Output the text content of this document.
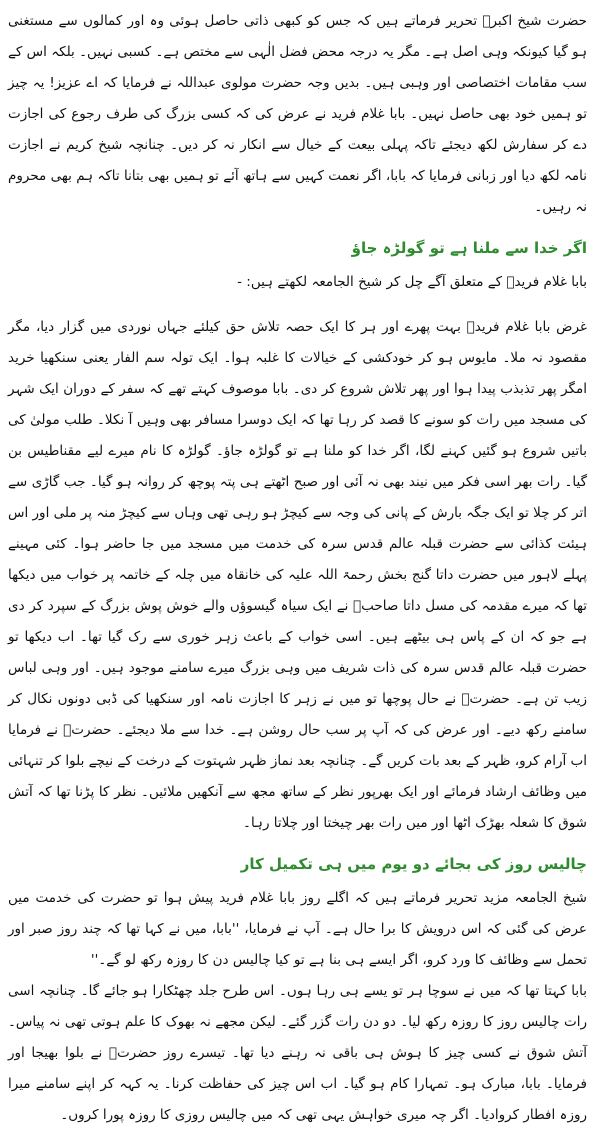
حضرت شیخ اکبرؒ تحریر فرماتے ہیں کہ جس کو کبھی ذاتی حاصل ہوئی وہ اور کمالوں سے مستغنی ہو گیا کیونکہ وہی اصل ہے۔ مگر یہ درجہ محض فضل الٰہی سے مختص ہے۔ کسبی نہیں۔ بلکہ اس کے سب مقامات اختصاصی اور وہبی ہیں۔ بدیں وجہ حضرت مولوی عبداللہ نے فرمایا کہ اے عزیز! یہ چیز تو ہمیں خود بھی حاصل نہیں۔ بابا غلام فرید نے عرض کی کہ کسی بزرگ کی طرف رجوع کی اجازت دے کر سفارش لکھ دیجئے تاکہ پہلی بیعت کے خیال سے انکار نہ کر دیں۔ چنانچہ شیخ کریم نے اجازت نامہ لکھ دیا اور زبانی فرمایا کہ بابا، اگر نعمت کہیں سے ہاتھ آئے تو ہمیں بھی بتانا تاکہ ہم بھی محروم نہ رہیں۔

اگر خدا سے ملنا ہے تو گولڑہ جاؤ

بابا غلام فریدؒ کے متعلق آگے چل کر شیخ الجامعہ لکھتے ہیں: -

غرض بابا غلام فریدؒ بہت پھرے اور ہر کا ایک حصہ تلاش حق کیلئے جہاں نوردی میں گزار دیا، مگر مقصود نہ ملا۔ مایوس ہو کر خودکشی کے خیالات کا غلبہ ہوا۔ ایک تولہ سم الفار یعنی سنکھیا خرید امگر پھر تذبذب پیدا ہوا اور پھر تلاش شروع کر دی۔ بابا موصوف کہتے تھے کہ سفر کے دوران ایک شہر کی مسجد میں رات کو سونے کا قصد کر رہا تھا کہ ایک دوسرا مسافر بھی وہیں آ نکلا۔ طلب مولیٰ کی باتیں شروع ہو گئیں کہنے لگا، اگر خدا کو ملنا ہے تو گولڑہ جاؤ۔ گولڑہ کا نام میرے لیے مقناطیس بن گیا۔ رات بھر اسی فکر میں نیند بھی نہ آئی اور صبح اٹھتے ہی پتہ پوچھ کر روانہ ہو گیا۔ جب گاڑی سے اتر کر چلا تو ایک جگہ بارش کے پانی کی وجہ سے کیچڑ ہو رہی تھی وہاں سے کیچڑ منہ پر ملی اور اس ہیئت کذائی سے حضرت قبلہ عالم قدس سرہ کی خدمت میں مسجد میں جا حاضر ہوا۔ کئی مہینے پہلے لاہور میں حضرت داتا گنج بخش رحمۃ اللہ علیہ کی خانقاہ میں چلہ کے خاتمہ پر خواب میں دیکھا تھا کہ میرے مقدمہ کی مسل داتا صاحبؒ نے ایک سیاہ گیسوؤں والے خوش پوش بزرگ کے سپرد کر دی ہے جو کہ ان کے پاس ہی بیٹھے ہیں۔ اسی خواب کے باعث زہر خوری سے رک گیا تھا۔ اب دیکھا تو حضرت قبلہ عالم قدس سرہ کی ذات شریف میں وہی بزرگ میرے سامنے موجود ہیں۔ اور وہی لباس زیب تن ہے۔ حضرتؒ نے حال پوچھا تو میں نے زہر کا اجازت نامہ اور سنکھیا کی ڈبی دونوں نکال کر سامنے رکھ دیے۔ اور عرض کی کہ آپ پر سب حال روشن ہے۔ خدا سے ملا دیجئے۔ حضرتؒ نے فرمایا اب آرام کرو، ظہر کے بعد بات کریں گے۔ چنانچہ بعد نماز ظہر شہتوت کے درخت کے نیچے بلوا کر تنہائی میں وظائف ارشاد فرمائے اور ایک بھرپور نظر کے ساتھ مجھ سے آنکھیں ملائیں۔ نظر کا پڑنا تھا کہ آتش شوق کا شعلہ بھڑک اٹھا اور میں رات بھر چیختا اور چلاتا رہا۔

چالیس روز کی بجائے دو یوم میں ہی تکمیل کار

شیخ الجامعہ مزید تحریر فرماتے ہیں کہ اگلے روز بابا غلام فرید پیش ہوا تو حضرت کی خدمت میں عرض کی گئی کہ اس درویش کا برا حال ہے۔ آپ نے فرمایا، ''بابا، میں نے کہا تھا کہ چند روز صبر اور تحمل سے وظائف کا ورد کرو، اگر ایسے ہی بنا ہے تو کیا چالیس دن کا روزہ رکھ لو گے۔''

بابا کہتا تھا کہ میں نے سوچا ہر تو یسے ہی رہا ہوں۔ اس طرح جلد چھٹکارا ہو جائے گا۔ چنانچہ اسی رات چالیس روز کا روزہ رکھ لیا۔ دو دن رات گزر گئے۔ لیکن مجھے نہ بھوک کا علم ہوتی تھی نہ پیاس۔ آتش شوق نے کسی چیز کا ہوش ہی باقی نہ رہنے دیا تھا۔ تیسرے روز حضرتؒ نے بلوا بھیجا اور فرمایا۔ بابا، مبارک ہو۔ تمہارا کام ہو گیا۔ اب اس چیز کی حفاظت کرنا۔ یہ کہہ کر اپنے سامنے میرا روزہ افطار کروادیا۔ اگر چہ میری خواہش یہی تھی کہ میں چالیس روزی کا روزہ پورا کروں۔
